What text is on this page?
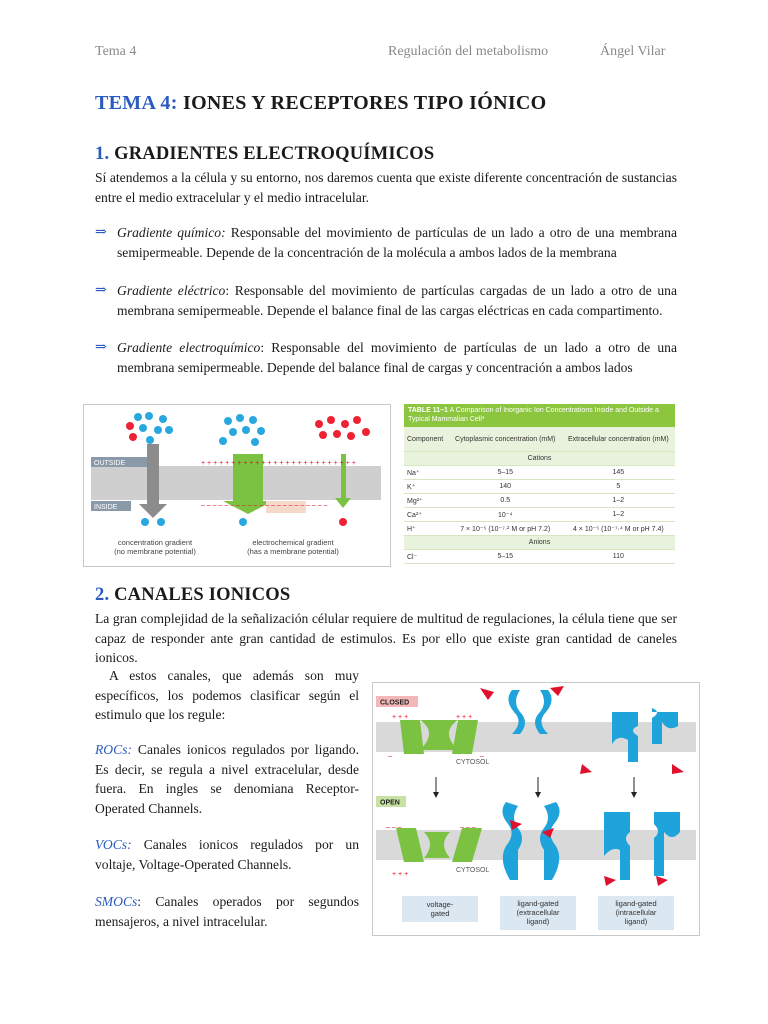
Tema 4	Regulación del metabolismo	Ángel Vilar
TEMA 4: IONES Y RECEPTORES TIPO IÓNICO
1. GRADIENTES ELECTROQUÍMICOS
Sí atendemos a la célula y su entorno, nos daremos cuenta que existe diferente concentración de sustancias entre el medio extracelular y el medio intracelular.
⇒ Gradiente químico: Responsable del movimiento de partículas de un lado a otro de una membrana semipermeable. Depende de la concentración de la molécula a ambos lados de la membrana
⇒ Gradiente eléctrico: Responsable del movimiento de partículas cargadas de un lado a otro de una membrana semipermeable. Depende el balance final de las cargas eléctricas en cada compartimento.
⇒ Gradiente electroquímico: Responsable del movimiento de partículas de un lado a otro de una membrana semipermeable. Depende del balance final de cargas y concentración a ambos lados
OUTSIDE
INSIDE
+ + + + + + + + + + + + + + + + + + + + + + + + + +
– – – – – – – – – – – – – – – – – – – – – –
concentration gradient
(no membrane potential)
electrochemical gradient
(has a membrane potential)
TABLE 11–1 A Comparison of Inorganic Ion Concentrations Inside and Outside a Typical Mammalian Cell*
Component	Cytoplasmic concentration (mM)	Extracellular concentration (mM)
Cations		
Na⁺	5–15	145
K⁺	140	5
Mg²⁺	0.5	1–2
Ca²⁺	10⁻⁴	1–2
H⁺	7 × 10⁻⁵ (10⁻⁷·² M or pH 7.2)	4 × 10⁻⁵ (10⁻⁷·⁴ M or pH 7.4)
Anions		
Cl⁻	5–15	110
2. CANALES IONICOS
La gran complejidad de la señalización célular requiere de multitud de regulaciones, la célula tiene que ser capaz de responder ante gran cantidad de estimulos. Es por ello que existe gran cantidad de caneles ionicos.
A estos canales, que además son muy específicos, los podemos clasificar según el estimulo que los regule:
ROCs: Canales ionicos regulados por ligando. Es decir, se regula a nivel extracelular, desde fuera. En ingles se denomiana Receptor-Operated Channels.
VOCs: Canales ionicos regulados por un voltaje, Voltage-Operated Channels.
SMOCs: Canales operados por segundos mensajeros, a nivel intracelular.
CLOSED
+ + +	+ + +
–	–
CYTOSOL
OPEN
– – –	– – –
+ + +
CYTOSOL
voltage-
gated
ligand-gated
(extracellular
ligand)
ligand-gated
(intracellular
ligand)
